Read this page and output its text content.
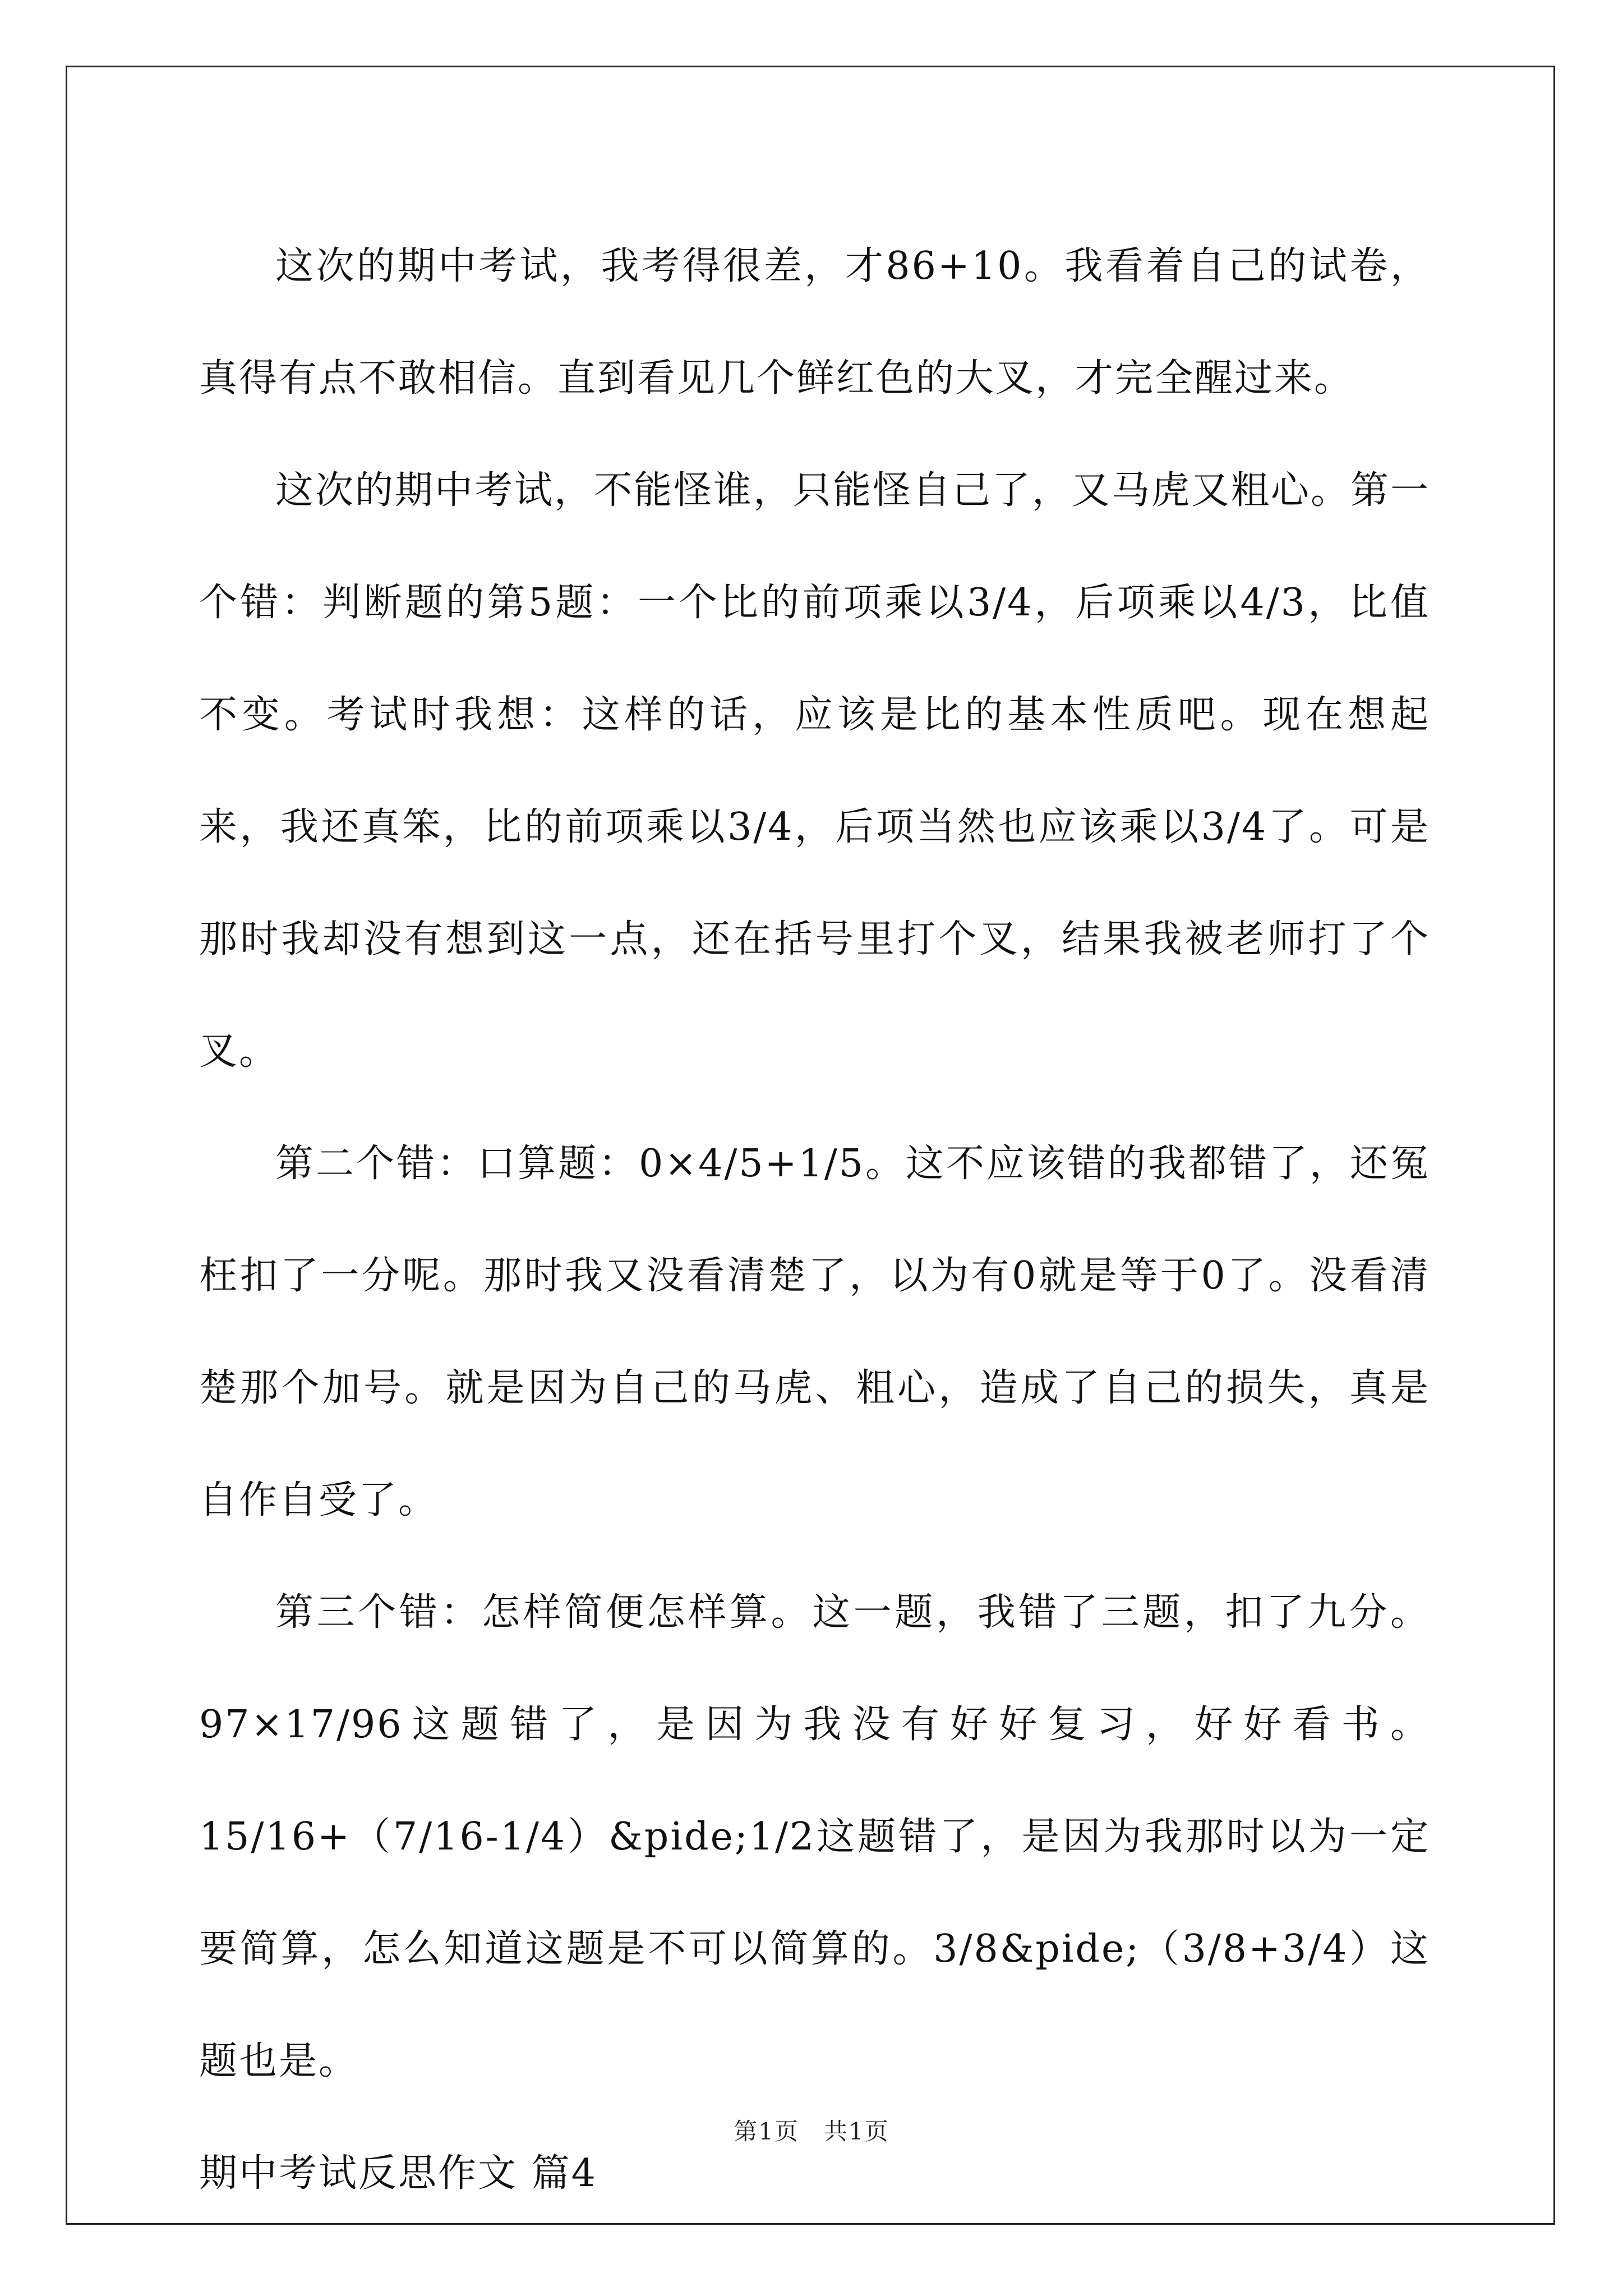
这次的期中考试，我考得很差，才86+10。我看着自己的试卷，真得有点不敢相信。直到看见几个鲜红色的大叉，才完全醒过来。

这次的期中考试，不能怪谁，只能怪自己了，又马虎又粗心。第一个错：判断题的第5题：一个比的前项乘以3/4，后项乘以4/3，比值不变。考试时我想：这样的话，应该是比的基本性质吧。现在想起来，我还真笨，比的前项乘以3/4，后项当然也应该乘以3/4了。可是那时我却没有想到这一点，还在括号里打个叉，结果我被老师打了个叉。

第二个错：口算题：0×4/5+1/5。这不应该错的我都错了，还冤枉扣了一分呢。那时我又没看清楚了，以为有0就是等于0了。没看清楚那个加号。就是因为自己的马虎、粗心，造成了自己的损失，真是自作自受了。

第三个错：怎样简便怎样算。这一题，我错了三题，扣了九分。97×17/96这题错了，是因为我没有好好复习，好好看书。15/16+（7/16-1/4）&pide;1/2这题错了，是因为我那时以为一定要简算，怎么知道这题是不可以简算的。3/8&pide;（3/8+3/4）这题也是。

期中考试反思作文 篇4

第1页　共1页
